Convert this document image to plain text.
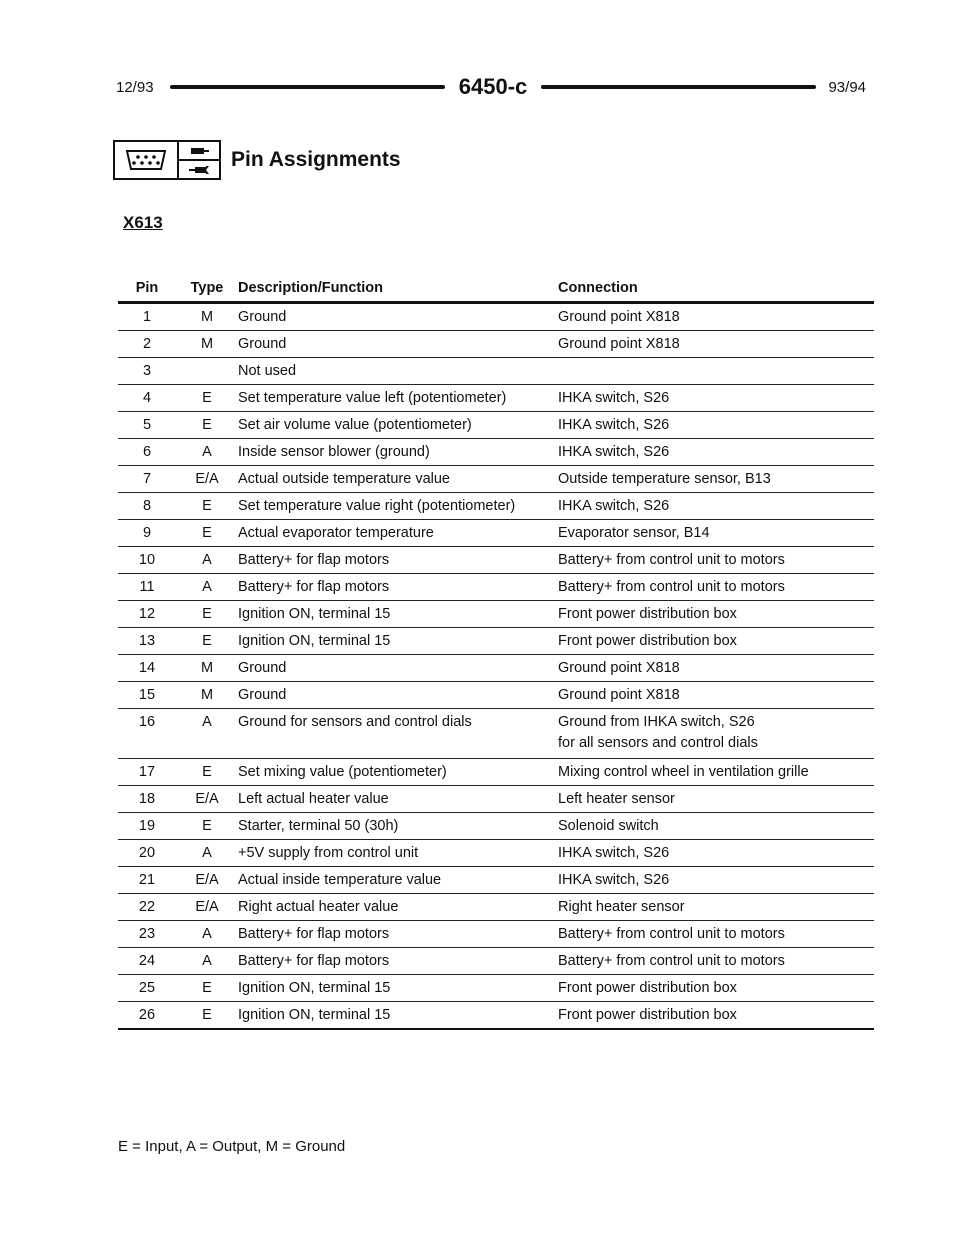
12/93	6450-c	93/94
Pin Assignments
X613
Pin	Type	Description/Function	Connection
1	M	Ground	Ground point X818
2	M	Ground	Ground point X818
3		Not used	
4	E	Set temperature value left (potentiometer)	IHKA switch, S26
5	E	Set air volume value (potentiometer)	IHKA switch, S26
6	A	Inside sensor blower (ground)	IHKA switch, S26
7	E/A	Actual outside temperature value	Outside temperature sensor, B13
8	E	Set temperature value right (potentiometer)	IHKA switch, S26
9	E	Actual evaporator temperature	Evaporator sensor, B14
10	A	Battery+ for flap motors	Battery+ from control unit to motors
11	A	Battery+ for flap motors	Battery+ from control unit to motors
12	E	Ignition ON, terminal 15	Front power distribution box
13	E	Ignition ON, terminal 15	Front power distribution box
14	M	Ground	Ground point X818
15	M	Ground	Ground point X818
16	A	Ground for sensors and control dials	Ground from IHKA switch, S26
for all sensors and control dials
17	E	Set mixing value (potentiometer)	Mixing control wheel in ventilation grille
18	E/A	Left actual heater value	Left heater sensor
19	E	Starter, terminal 50 (30h)	Solenoid switch
20	A	+5V supply from control unit	IHKA switch, S26
21	E/A	Actual inside temperature value	IHKA switch, S26
22	E/A	Right actual heater value	Right heater sensor
23	A	Battery+ for flap motors	Battery+ from control unit to motors
24	A	Battery+ for flap motors	Battery+ from control unit to motors
25	E	Ignition ON, terminal 15	Front power distribution box
26	E	Ignition ON, terminal 15	Front power distribution box
E = Input, A = Output, M = Ground
